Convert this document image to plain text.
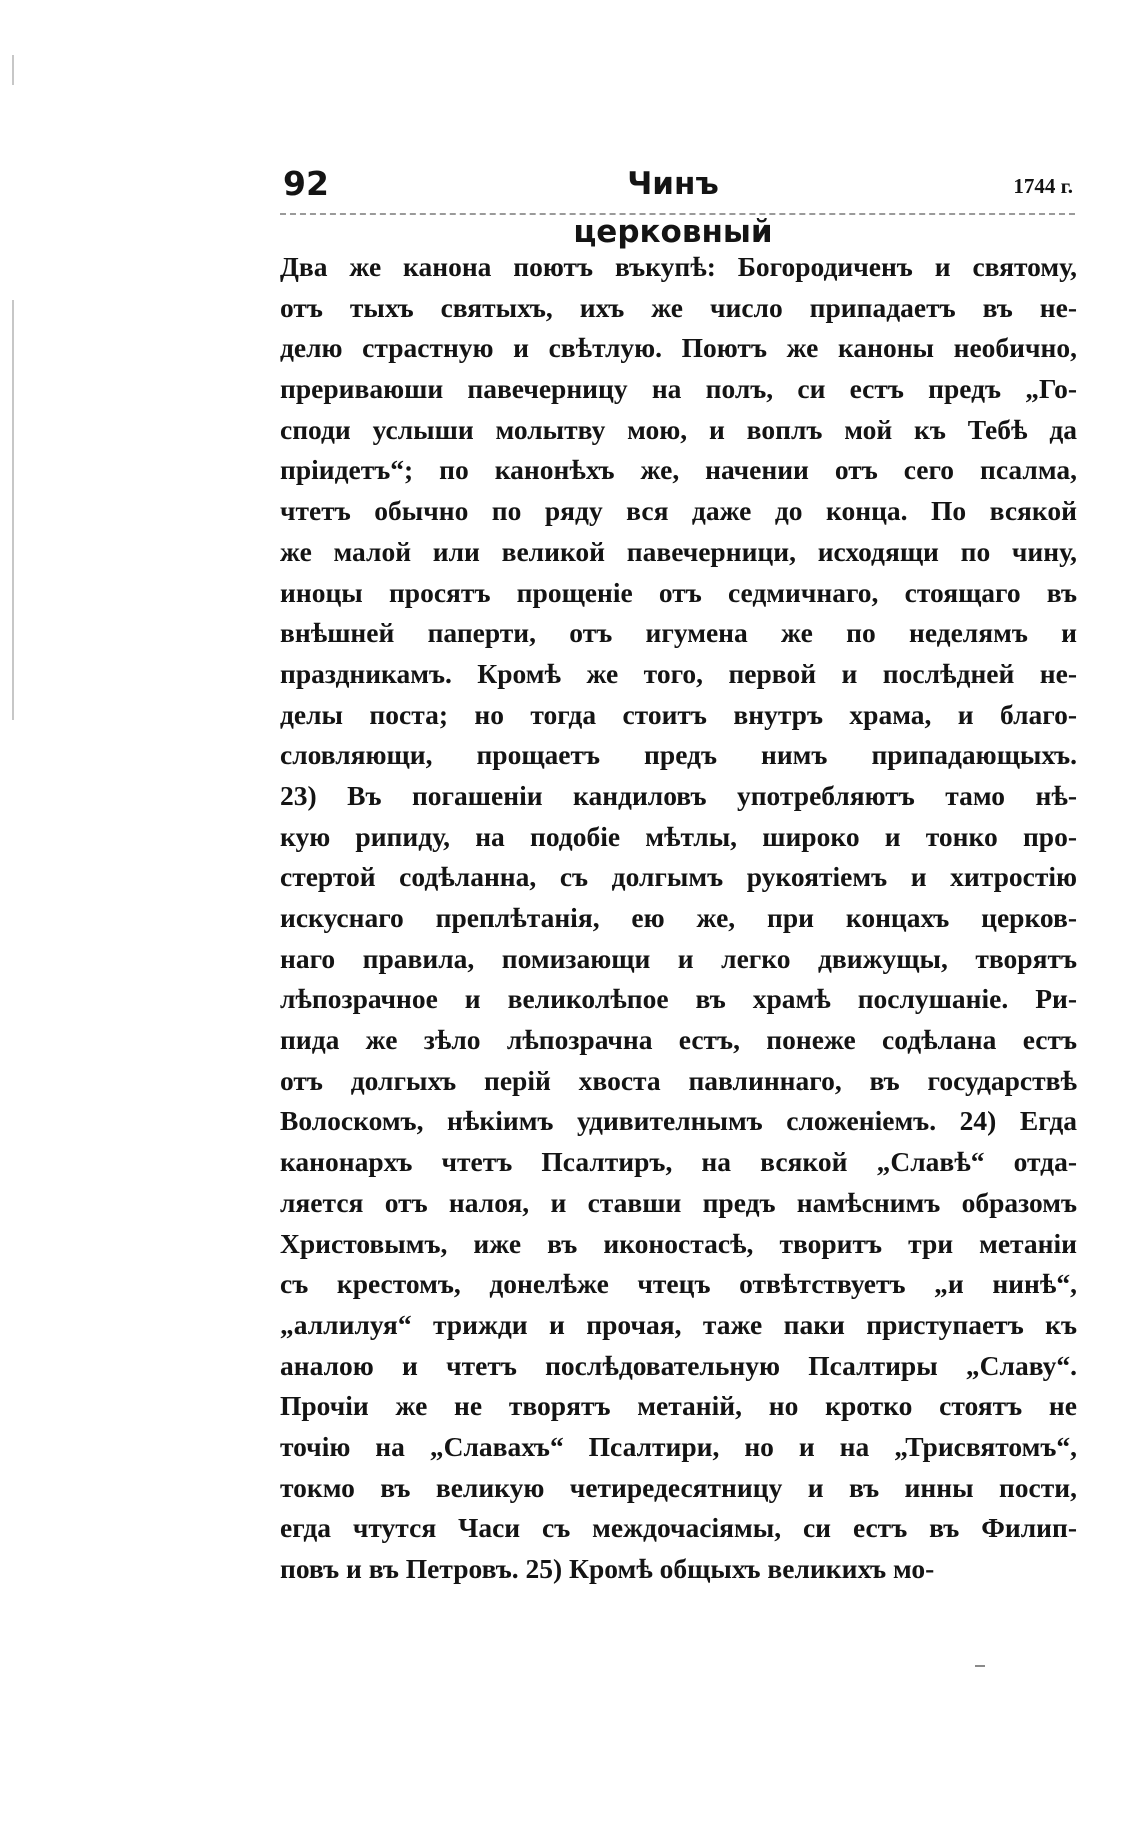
92	Чинъ церковный
1744 г.
Два же канона поютъ въкупѣ: Богородиченъ и святому,
отъ тыхъ святыхъ, ихъ же число припадаетъ въ не-
делю страстную и свѣтлую. Поютъ же каноны необично,
прериваюши павечерницу на полъ, си естъ предъ „Го-
споди услыши молытву мою, и воплъ мой къ Тебѣ да
пріидетъ“; по канонѣхъ же, начении отъ сего псалма,
чтетъ обычно по ряду вся даже до конца. По всякой
же малой или великой павечерници, исходящи по чину,
иноцы просятъ прощеніе отъ седмичнаго, стоящаго въ
внѣшней паперти, отъ игумена же по неделямъ и
праздникамъ. Кромѣ же того, первой и послѣдней не-
делы поста; но тогда стоитъ внутръ храма, и благо-
словляющи, прощаетъ предъ нимъ припадающыхъ.
23) Въ погашеніи кандиловъ употребляютъ тамо нѣ-
кую рипиду, на подобіе мѣтлы, широко и тонко про-
стертой содѣланна, съ долгымъ рукоятіемъ и хитростію
искуснаго преплѣтанія, ею же, при концахъ церков-
наго правила, помизающи и легко движущы, творятъ
лѣпозрачное и великолѣпое въ храмѣ послушаніе. Ри-
пида же зѣло лѣпозрачна естъ, понеже содѣлана естъ
отъ долгыхъ перій хвоста павлиннаго, въ государствѣ
Волоскомъ, нѣкіимъ удивителнымъ сложеніемъ. 24) Егда
канонархъ чтетъ Псалтиръ, на всякой „Славѣ“ отда-
ляется отъ налоя, и ставши предъ намѣснимъ образомъ
Христовымъ, иже въ иконостасѣ, творитъ три метаніи
съ крестомъ, донелѣже чтецъ отвѣтствуетъ „и нинѣ“,
„аллилуя“ трижди и прочая, таже паки приступаетъ къ
аналою и чтетъ послѣдовательную Псалтиры „Славу“.
Прочіи же не творятъ метаній, но кротко стоятъ не
точію на „Славахъ“ Псалтири, но и на „Трисвятомъ“,
токмо въ великую четиредесятницу и въ инны пости,
егда чтутся Часи съ междочасіямы, си естъ въ Филип-
повъ и въ Петровъ. 25) Кромѣ общыхъ великихъ мо-
